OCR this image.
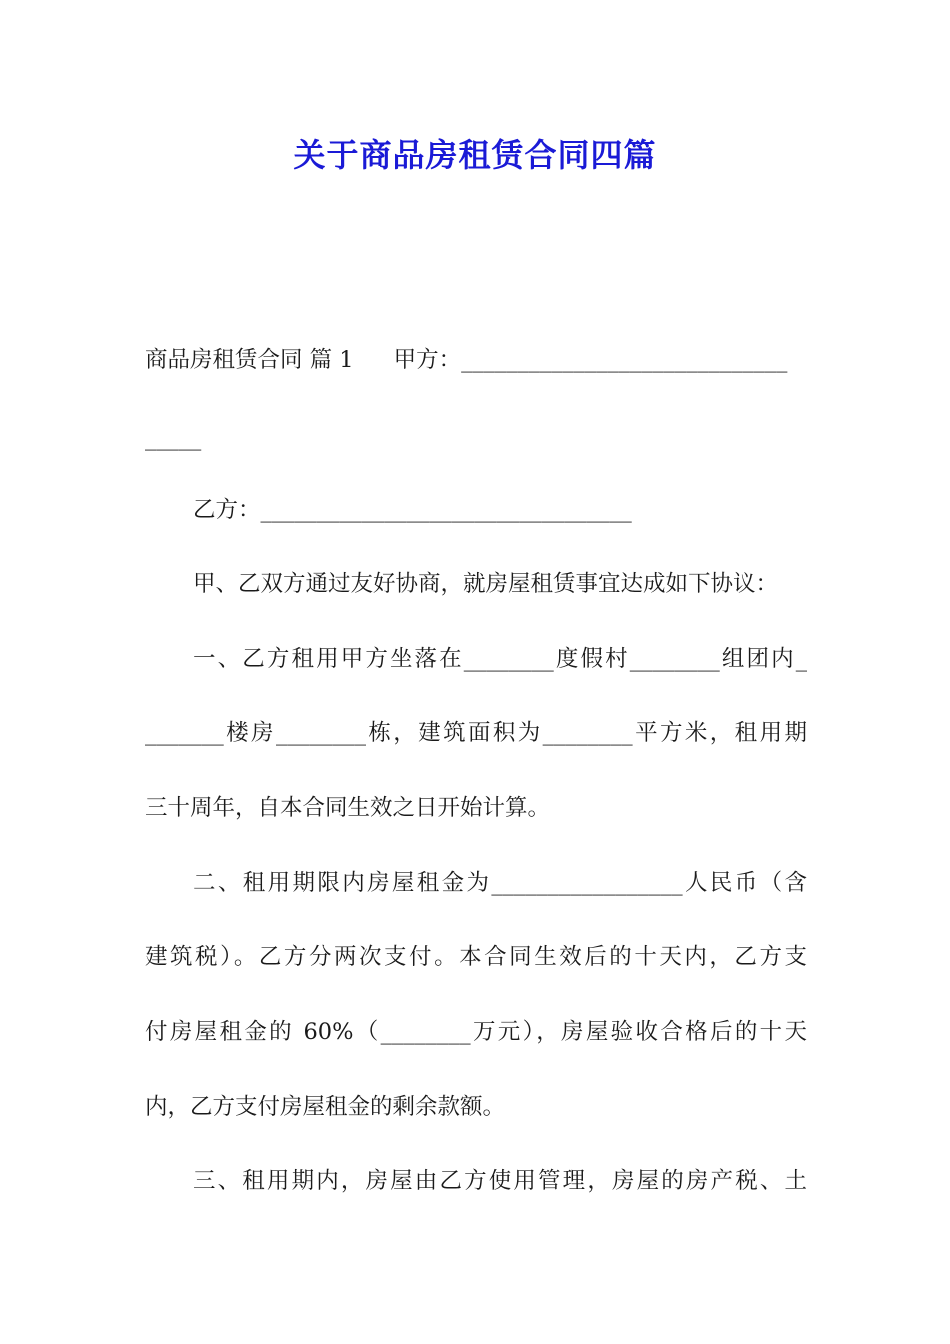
关于商品房租赁合同四篇
商品房租赁合同 篇 1 甲方：_____________________________
_____
乙方：_________________________________
甲、乙双方通过友好协商，就房屋租赁事宜达成如下协议：
一、乙方租用甲方坐落在________度假村________组团内_
_______楼房________栋，建筑面积为________平方米，租用期
三十周年，自本合同生效之日开始计算。
二、租用期限内房屋租金为_________________人民币（含
建筑税）。乙方分两次支付。本合同生效后的十天内，乙方支
付房屋租金的 60%（________万元），房屋验收合格后的十天
内，乙方支付房屋租金的剩余款额。
三、租用期内，房屋由乙方使用管理，房屋的房产税、土
